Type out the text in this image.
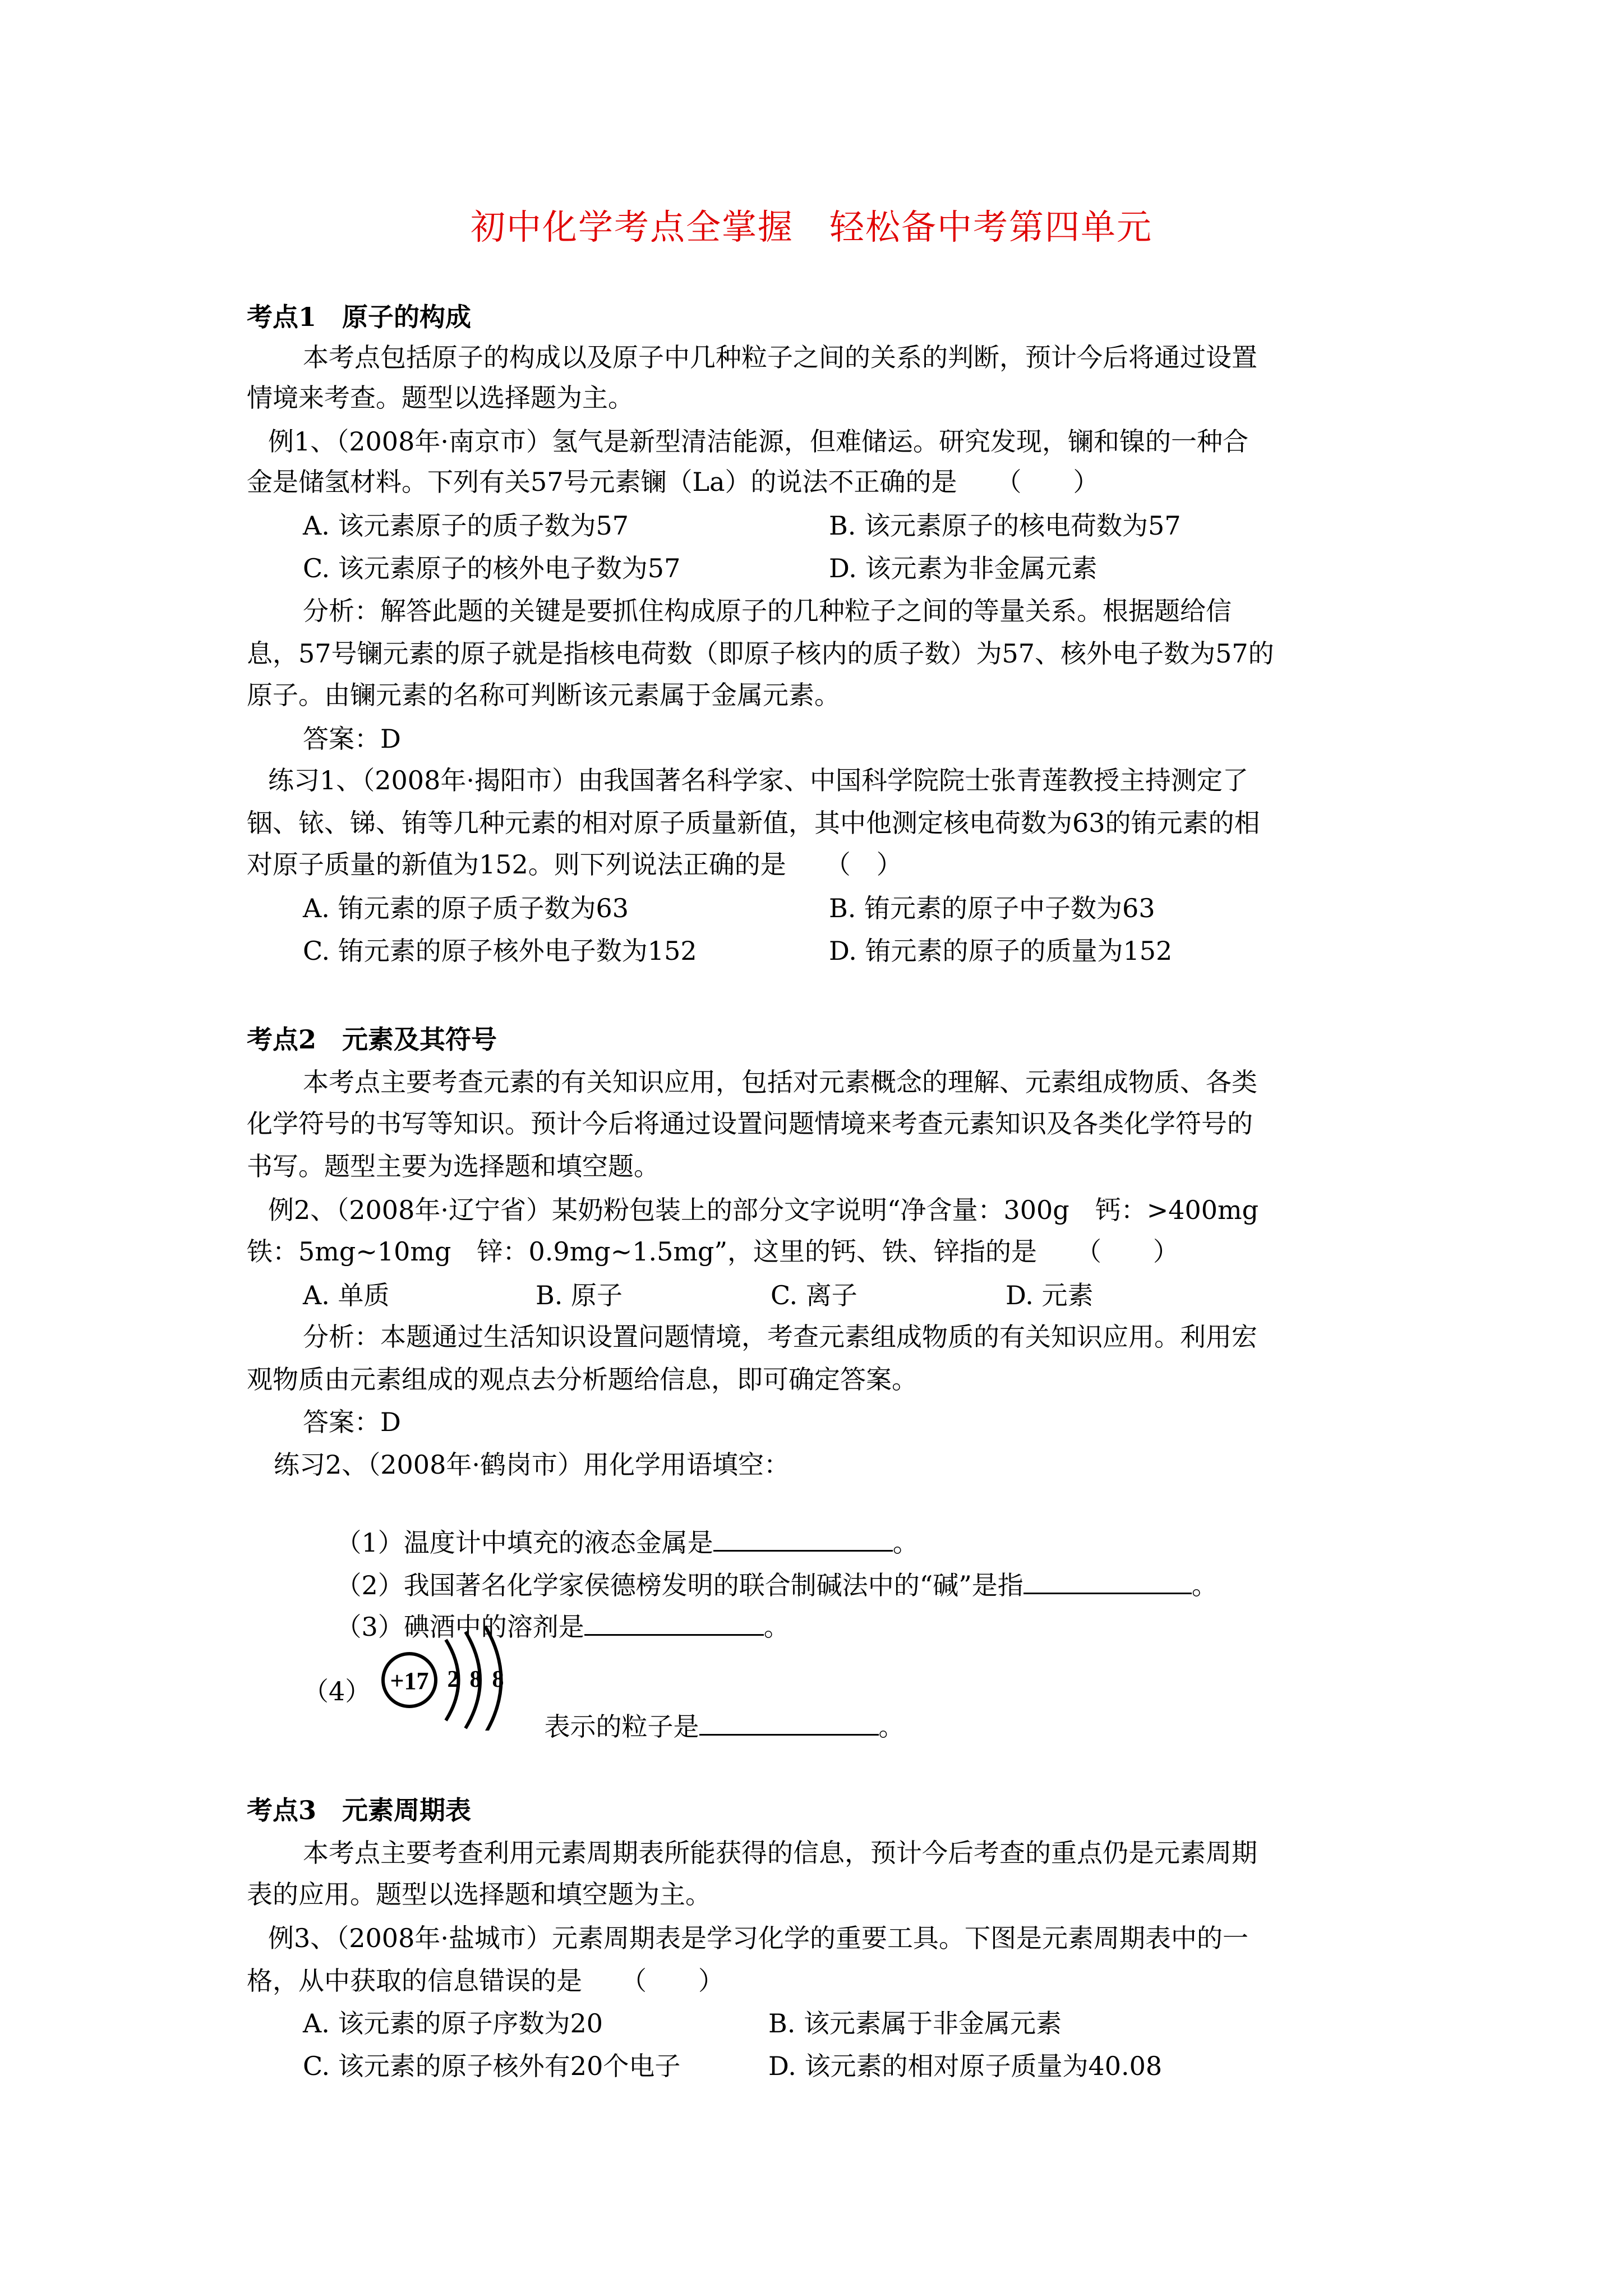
初中化学考点全掌握　轻松备中考第四单元
考点1　原子的构成
本考点包括原子的构成以及原子中几种粒子之间的关系的判断，预计今后将通过设置
情境来考查。题型以选择题为主。
例1、（2008年·南京市）氢气是新型清洁能源，但难储运。研究发现，镧和镍的一种合
金是储氢材料。下列有关57号元素镧（La）的说法不正确的是　　（　　）
A. 该元素原子的质子数为57	B. 该元素原子的核电荷数为57
C. 该元素原子的核外电子数为57	D. 该元素为非金属元素
分析：解答此题的关键是要抓住构成原子的几种粒子之间的等量关系。根据题给信
息，57号镧元素的原子就是指核电荷数（即原子核内的质子数）为57、核外电子数为57的
原子。由镧元素的名称可判断该元素属于金属元素。
答案：D
练习1、（2008年·揭阳市）由我国著名科学家、中国科学院院士张青莲教授主持测定了
铟、铱、锑、铕等几种元素的相对原子质量新值，其中他测定核电荷数为63的铕元素的相
对原子质量的新值为152。则下列说法正确的是　　（　）
A. 铕元素的原子质子数为63	B. 铕元素的原子中子数为63
C. 铕元素的原子核外电子数为152	D. 铕元素的原子的质量为152
考点2　元素及其符号
本考点主要考查元素的有关知识应用，包括对元素概念的理解、元素组成物质、各类
化学符号的书写等知识。预计今后将通过设置问题情境来考查元素知识及各类化学符号的
书写。题型主要为选择题和填空题。
例2、（2008年·辽宁省）某奶粉包装上的部分文字说明“净含量：300g　钙：>400mg
铁：5mg~10mg　锌：0.9mg~1.5mg”，这里的钙、铁、锌指的是　　（　　）
A. 单质	B. 原子	C. 离子	D. 元素
分析：本题通过生活知识设置问题情境，考查元素组成物质的有关知识应用。利用宏
观物质由元素组成的观点去分析题给信息，即可确定答案。
答案：D
练习2、（2008年·鹤岗市）用化学用语填空：

（1）温度计中填充的液态金属是	。

（2）我国著名化学家侯德榜发明的联合制碱法中的“碱”是指	。

（3）碘酒中的溶剂是	。

（4） +17 2 8 8

表示的粒子是	。

考点3　元素周期表
本考点主要考查利用元素周期表所能获得的信息，预计今后考查的重点仍是元素周期
表的应用。题型以选择题和填空题为主。
例3、（2008年·盐城市）元素周期表是学习化学的重要工具。下图是元素周期表中的一
格，从中获取的信息错误的是　　（　　）
A. 该元素的原子序数为20	B. 该元素属于非金属元素
C. 该元素的原子核外有20个电子	D. 该元素的相对原子质量为40.08
